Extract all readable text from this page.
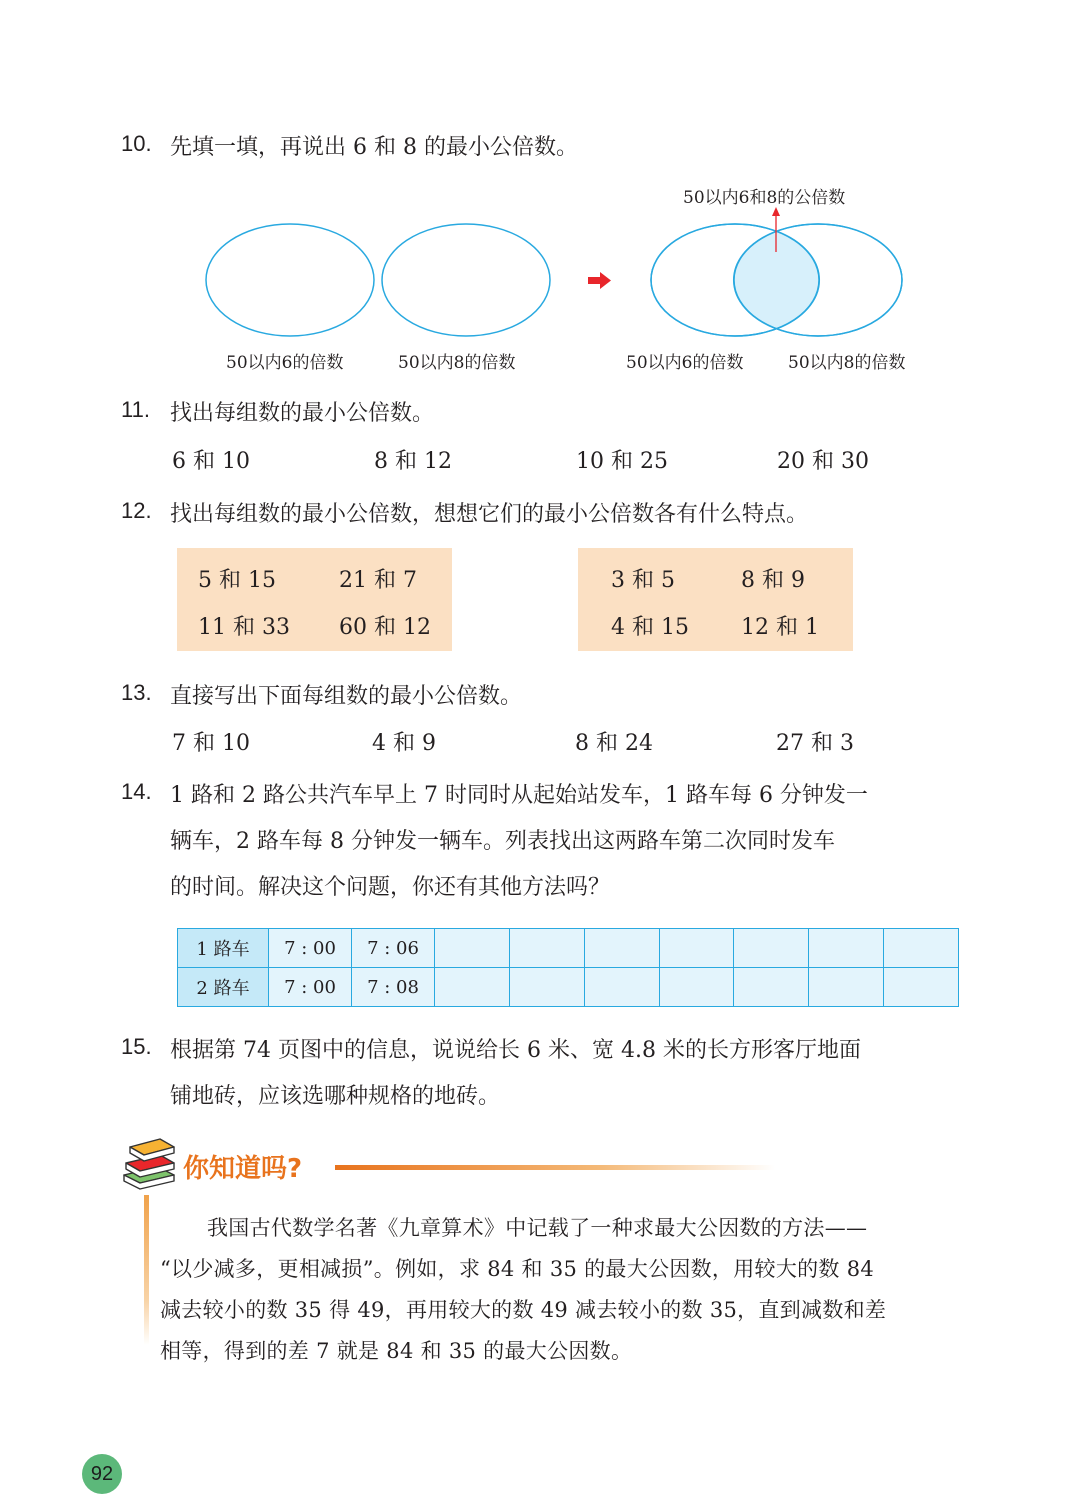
10. 先填一填，再说出 6 和 8 的最小公倍数。
50以内6和8的公倍数
50以内6的倍数	50以内8的倍数	50以内6的倍数	50以内8的倍数
11. 找出每组数的最小公倍数。
6 和 10	8 和 12	10 和 25	20 和 30
12. 找出每组数的最小公倍数，想想它们的最小公倍数各有什么特点。
5 和 15	21 和 7
11 和 33 60 和 12
3 和 5	8 和 9
4 和 15 12 和 1
13. 直接写出下面每组数的最小公倍数。
7 和 10	4 和 9	8 和 24	27 和 3
14. 1 路和 2 路公共汽车早上 7 时同时从起始站发车，1 路车每 6 分钟发一
辆车，2 路车每 8 分钟发一辆车。列表找出这两路车第二次同时发车
的时间。解决这个问题，你还有其他方法吗？
1 路车	7 : 00	7 : 06							
2 路车	7 : 00	7 : 08							
15. 根据第 74 页图中的信息，说说给长 6 米、宽 4.8 米的长方形客厅地面
铺地砖，应该选哪种规格的地砖。
你知道吗?
我国古代数学名著《九章算术》中记载了一种求最大公因数的方法——
“以少减多，更相减损”。例如，求 84 和 35 的最大公因数，用较大的数 84
减去较小的数 35 得 49，再用较大的数 49 减去较小的数 35，直到减数和差
相等，得到的差 7 就是 84 和 35 的最大公因数。
92
